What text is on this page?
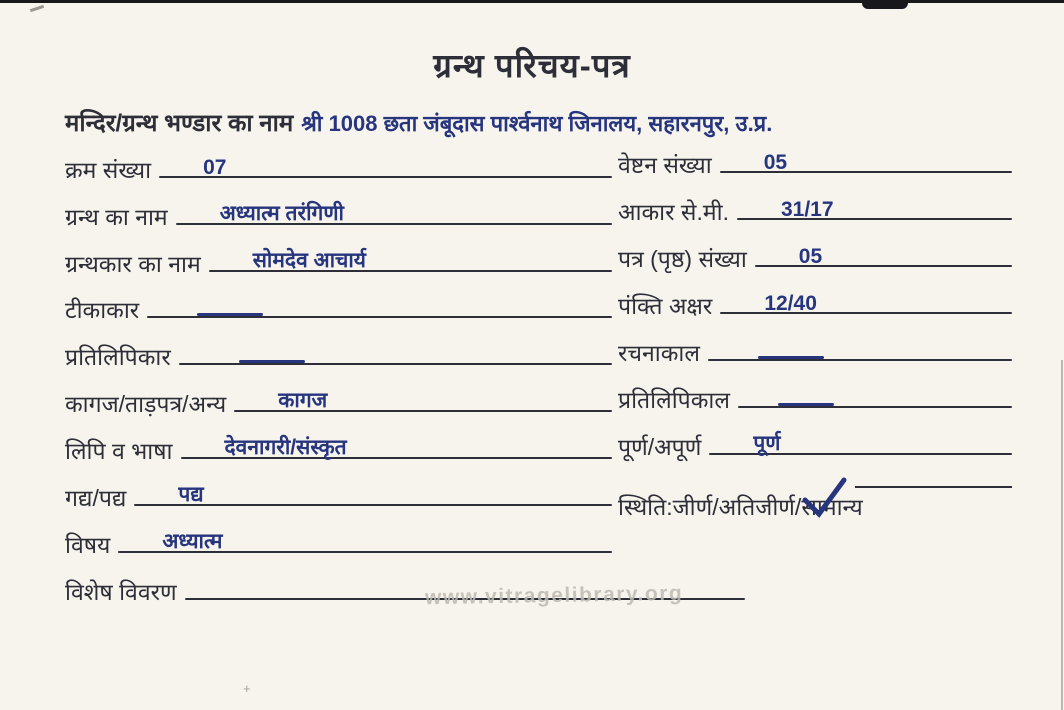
+
ग्रन्थ परिचय-पत्र
मन्दिर/ग्रन्थ भण्डार का नाम श्री 1008 छता जंबूदास पार्श्वनाथ जिनालय, सहारनपुर, उ.प्र.
क्रम संख्या 07
ग्रन्थ का नाम अध्यात्म तरंगिणी
ग्रन्थकार का नाम सोमदेव आचार्य
टीकाकार
प्रतिलिपिकार
कागज/ताड़पत्र/अन्य कागज
लिपि व भाषा देवनागरी/संस्कृत
गद्य/पद्य पद्य
विषय अध्यात्म
विशेष विवरण
वेष्टन संख्या 05
आकार से.मी. 31/17
पत्र (पृष्ठ) संख्या 05
पंक्ति अक्षर 12/40
रचनाकाल
प्रतिलिपिकाल
पूर्ण/अपूर्ण पूर्ण
स्थिति:जीर्ण/अतिजीर्ण/
सामान्य
www.vitragelibrary.org
